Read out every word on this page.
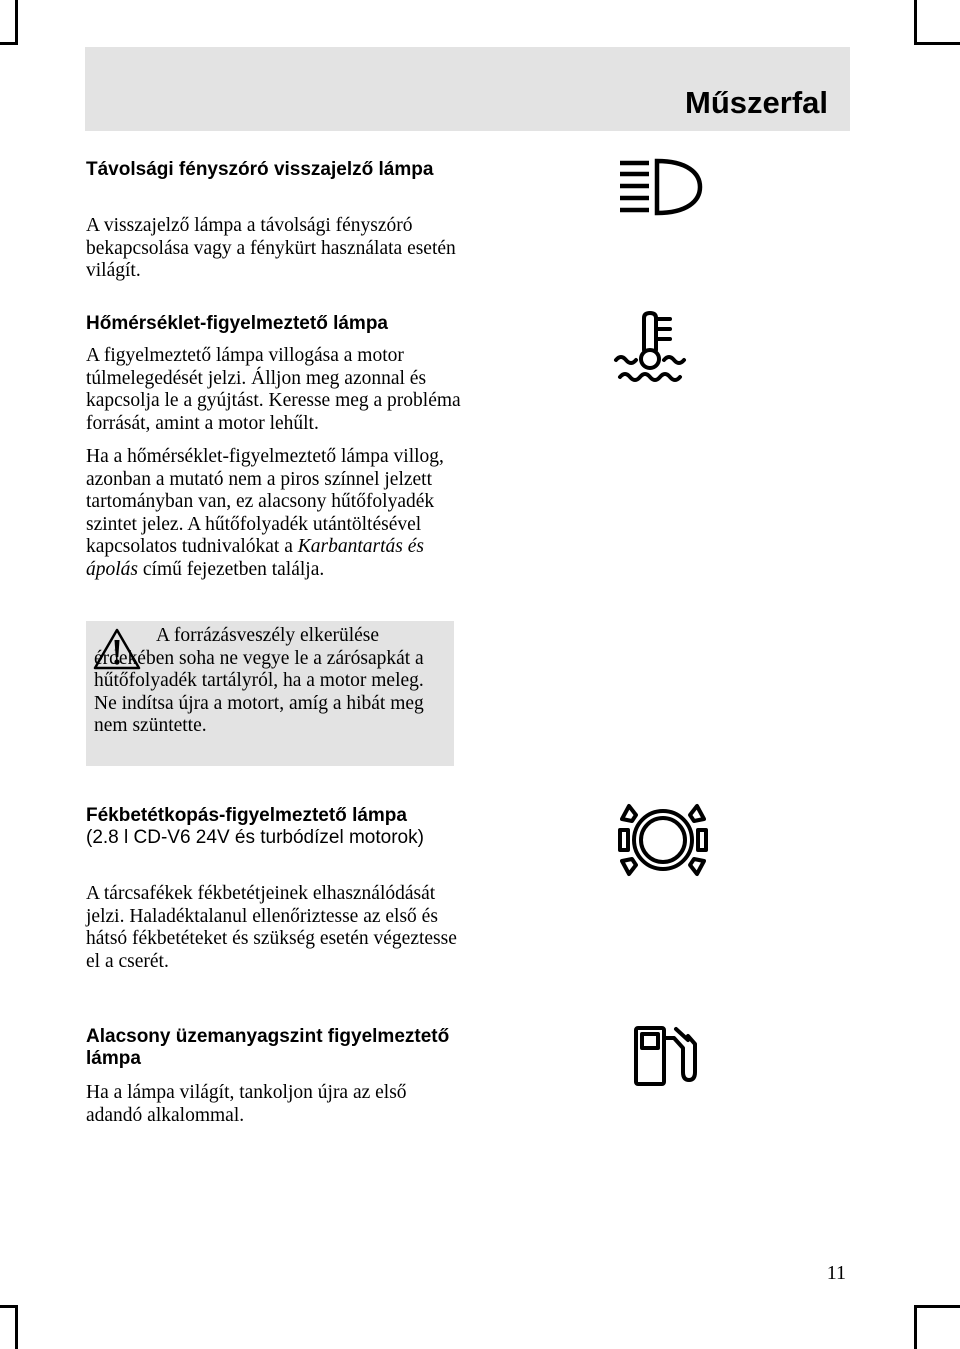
Műszerfal
Távolsági fényszóró visszajelző lámpa

A visszajelző lámpa a távolsági fényszóró bekapcsolása vagy a fénykürt használata esetén világít.

Hőmérséklet-figyelmeztető lámpa

A figyelmeztető lámpa villogása a motor túlmelegedését jelzi. Álljon meg azonnal és kapcsolja le a gyújtást. Keresse meg a probléma forrását, amint a motor lehűlt.

Ha a hőmérséklet-figyelmeztető lámpa villog, azonban a mutató nem a piros színnel jelzett tartományban van, ez alacsony hűtőfolyadék szintet jelez. A hűtőfolyadék utántöltésével kapcsolatos tudnivalókat a Karbantartás és ápolás című fejezetben találja.

A forrázásveszély elkerülése érdekében soha ne vegye le a zárósapkát a hűtőfolyadék tartályról, ha a motor meleg. Ne indítsa újra a motort, amíg a hibát meg nem szüntette.

Fékbetétkopás-figyelmeztető lámpa
(2.8 l CD-V6 24V és turbódízel motorok)

A tárcsafékek fékbetétjeinek elhasználódását jelzi. Haladéktalanul ellenőriztesse az első és hátsó fékbetéteket és szükség esetén végeztesse el a cserét.

Alacsony üzemanyagszint figyelmeztető lámpa

Ha a lámpa világít, tankoljon újra az első adandó alkalommal.

11
